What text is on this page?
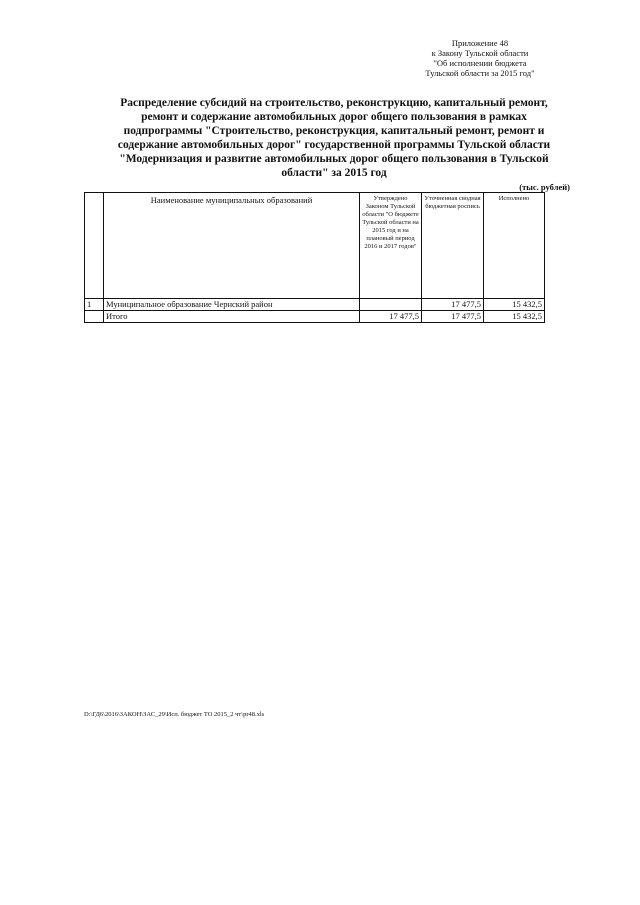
Приложение 48
к Закону Тульской области
"Об исполнении бюджета
Тульской области за 2015 год"
Распределение субсидий на строительство, реконструкцию, капитальный ремонт,
ремонт и содержание автомобильных дорог общего пользования в рамках
подпрограммы "Строительство, реконструкция, капитальный ремонт, ремонт и
содержание автомобильных дорог" государственной программы Тульской области
"Модернизация и развитие автомобильных дорог общего пользования в Тульской
области" за 2015 год
(тыс. рублей)
	Наименование муниципальных образований	Утверждено Законом Тульской области "О бюджете Тульской области на 2015 год и на плановый период 2016 и 2017 годов"	Уточненная сводная бюджетная роспись	Исполнено
1	Муниципальное образование Чернский район		17 477,5	15 432,5
	Итого	17 477,5	17 477,5	15 432,5
D:\ГД6\2016\ЗАКОН\ЗАС_29\Исп. бюджет ТО 2015_2 чт\pr48.xls
